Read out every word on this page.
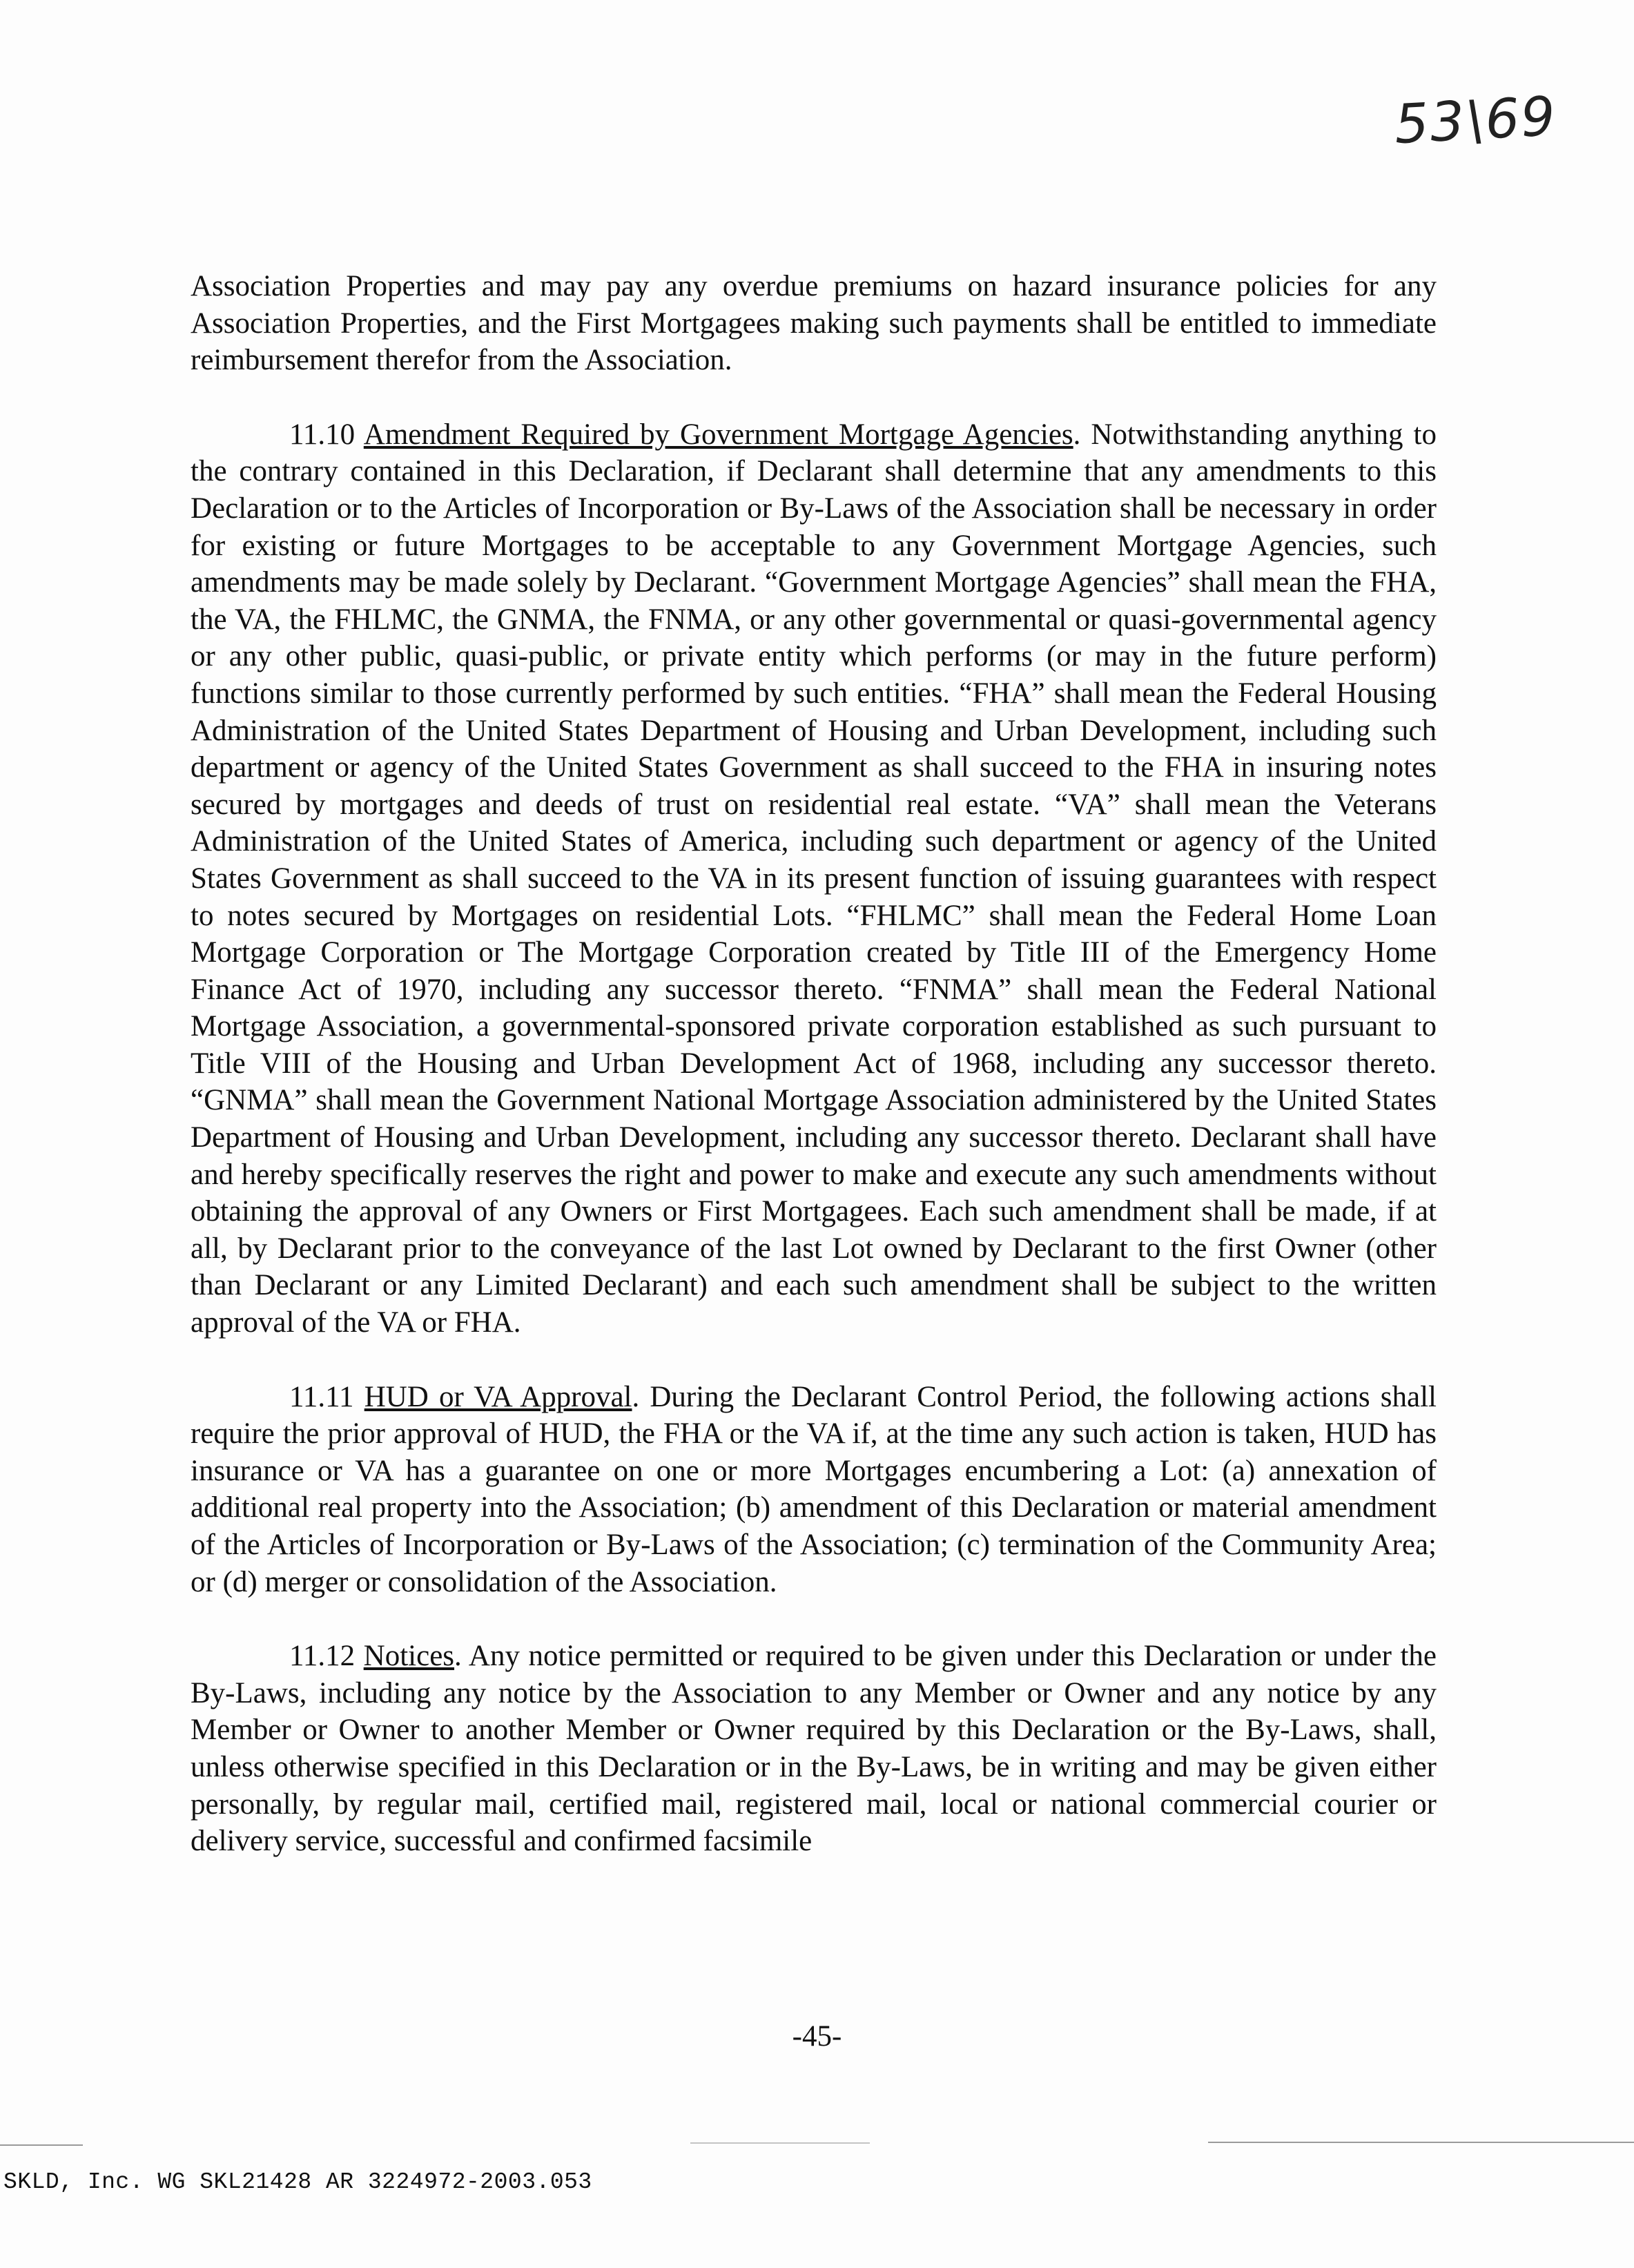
53\69

Association Properties and may pay any overdue premiums on hazard insurance policies for any Association Properties, and the First Mortgagees making such payments shall be entitled to immediate reimbursement therefor from the Association.

11.10 Amendment Required by Government Mortgage Agencies. Notwithstanding anything to the contrary contained in this Declaration, if Declarant shall determine that any amendments to this Declaration or to the Articles of Incorporation or By-Laws of the Association shall be necessary in order for existing or future Mortgages to be acceptable to any Government Mortgage Agencies, such amendments may be made solely by Declarant. “Government Mortgage Agencies” shall mean the FHA, the VA, the FHLMC, the GNMA, the FNMA, or any other governmental or quasi-governmental agency or any other public, quasi-public, or private entity which performs (or may in the future perform) functions similar to those currently performed by such entities. “FHA” shall mean the Federal Housing Administration of the United States Department of Housing and Urban Development, including such department or agency of the United States Government as shall succeed to the FHA in insuring notes secured by mortgages and deeds of trust on residential real estate. “VA” shall mean the Veterans Administration of the United States of America, including such department or agency of the United States Government as shall succeed to the VA in its present function of issuing guarantees with respect to notes secured by Mortgages on residential Lots. “FHLMC” shall mean the Federal Home Loan Mortgage Corporation or The Mortgage Corporation created by Title III of the Emergency Home Finance Act of 1970, including any successor thereto. “FNMA” shall mean the Federal National Mortgage Association, a governmental-sponsored private corporation established as such pursuant to Title VIII of the Housing and Urban Development Act of 1968, including any successor thereto. “GNMA” shall mean the Government National Mortgage Association administered by the United States Department of Housing and Urban Development, including any successor thereto. Declarant shall have and hereby specifically reserves the right and power to make and execute any such amendments without obtaining the approval of any Owners or First Mortgagees. Each such amendment shall be made, if at all, by Declarant prior to the conveyance of the last Lot owned by Declarant to the first Owner (other than Declarant or any Limited Declarant) and each such amendment shall be subject to the written approval of the VA or FHA.

11.11 HUD or VA Approval. During the Declarant Control Period, the following actions shall require the prior approval of HUD, the FHA or the VA if, at the time any such action is taken, HUD has insurance or VA has a guarantee on one or more Mortgages encumbering a Lot: (a) annexation of additional real property into the Association; (b) amendment of this Declaration or material amendment of the Articles of Incorporation or By-Laws of the Association; (c) termination of the Community Area; or (d) merger or consolidation of the Association.

11.12 Notices. Any notice permitted or required to be given under this Declaration or under the By-Laws, including any notice by the Association to any Member or Owner and any notice by any Member or Owner to another Member or Owner required by this Declaration or the By-Laws, shall, unless otherwise specified in this Declaration or in the By-Laws, be in writing and may be given either personally, by regular mail, certified mail, registered mail, local or national commercial courier or delivery service, successful and confirmed facsimile

-45-
SKLD, Inc. WG SKL21428 AR 3224972-2003.053
